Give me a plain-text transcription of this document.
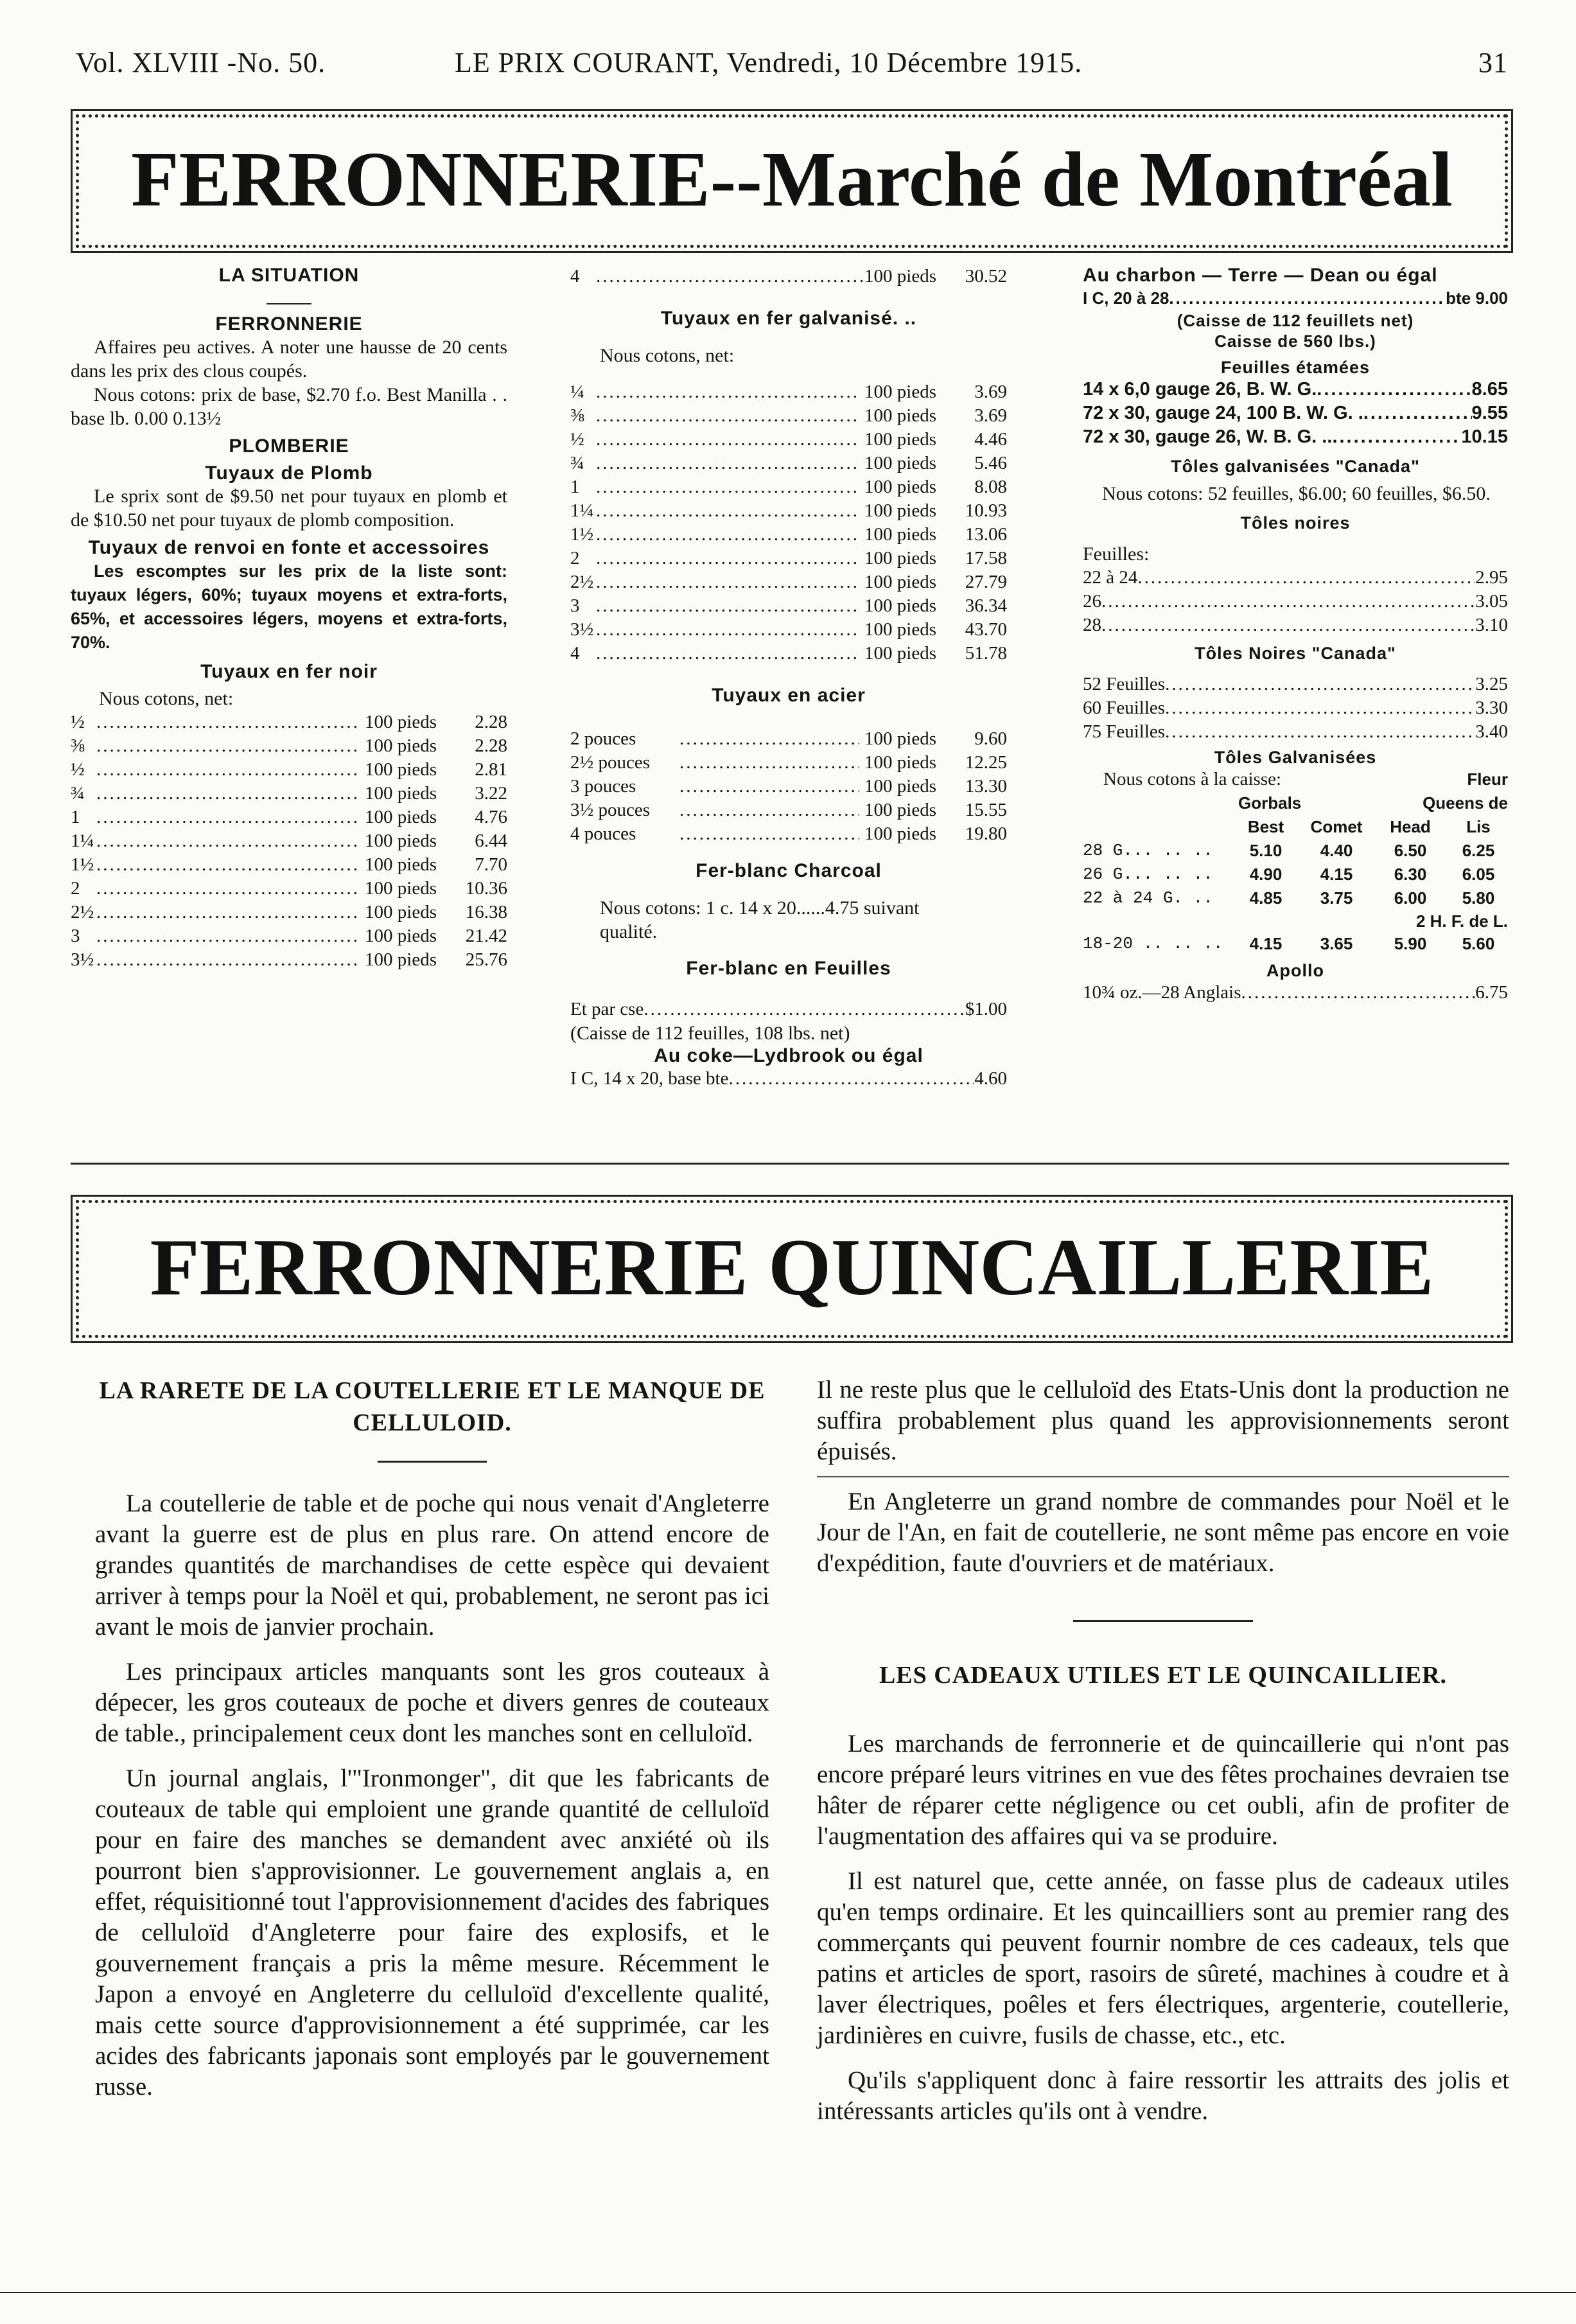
Vol. XLVIII -No. 50.	LE PRIX COURANT, Vendredi, 10 Décembre 1915.	31
FERRONNERIE--Marché de Montréal
LA SITUATION
FERRONNERIE

Affaires peu actives. A noter une hausse de 20 cents dans les prix des clous coupés.

Nous cotons: prix de base, $2.70 f.o. Best Manilla . . base lb. 0.00 0.13½

PLOMBERIE
Tuyaux de Plomb

Le sprix sont de $9.50 net pour tuyaux en plomb et de $10.50 net pour tuyaux de plomb composition.

Tuyaux de renvoi en fonte et accessoires

Les escomptes sur les prix de la liste sont: tuyaux légers, 60%; tuyaux moyens et extra-forts, 65%, et accessoires légers, moyens et extra-forts, 70%.

Tuyaux en fer noir

Nous cotons, net:

½ .....	100 pieds	2.28
⅜ .....	100 pieds	2.28
½ .....	100 pieds	2.81
¾ .....	100 pieds	3.22
1 .....	100 pieds	4.76
1¼ .....	100 pieds	6.44
1½ .....	100 pieds	7.70
2 .....	100 pieds	10.36
2½ .....	100 pieds	16.38
3 .....	100 pieds	21.42
3½ .....	100 pieds	25.76
4 .....	100 pieds	30.52
Tuyaux en fer galvanisé. ..

Nous cotons, net:

¼ .....	100 pieds	3.69
⅜ .....	100 pieds	3.69
½ .....	100 pieds	4.46
¾ .....	100 pieds	5.46
1 .....	100 pieds	8.08
1¼ .....	100 pieds	10.93
1½ .....	100 pieds	13.06
2 .....	100 pieds	17.58
2½ .....	100 pieds	27.79
3 .....	100 pieds	36.34
3½ .....	100 pieds	43.70
4 .....	100 pieds	51.78
Tuyaux en acier
2 pouces .....	100 pieds	9.60
2½ pouces .....	100 pieds	12.25
3 pouces .....	100 pieds	13.30
3½ pouces .....	100 pieds	15.55
4 pouces .....	100 pieds	19.80
Fer-blanc Charcoal

Nous cotons: 1 c. 14 x 20......4.75 suivant qualité.

Fer-blanc en Feuilles
Et par cse .....	$1.00

(Caisse de 112 feuilles, 108 lbs. net)

Au coke—Lydbrook ou égal
I C, 14 x 20, base bte .....	4.60
Au charbon — Terre — Dean ou égal
I C, 20 à 28 .....	bte 9.00
(Caisse de 112 feuillets net)
Caisse de 560 lbs.)
Feuilles étamées
14 x 6,0 gauge 26, B. W. G. .....	8.65
72 x 30, gauge 24, 100 B. W. G. . .....	9.55
72 x 30, gauge 26, W. B. G. .. .....	10.15
Tôles galvanisées "Canada"

Nous cotons: 52 feuilles, $6.00; 60 feuilles, $6.50.

Tôles noires

Feuilles:

22 à 24 .....	2.95
26 .....	3.05
28 .....	3.10
Tôles Noires "Canada"
52 Feuilles .....	3.25
60 Feuilles .....	3.30
75 Feuilles .....	3.40
Tôles Galvanisées
Nous cotons à la caisse:	Fleur
Gorbals	Queens de
Best	Comet	Head	Lis
28 G... .. ..	5.10	4.40	6.50	6.25
26 G... .. ..	4.90	4.15	6.30	6.05
22 à 24 G. ..	4.85	3.75	6.00	5.80
2 H. F. de L.
18-20 .. .. ..	4.15	3.65	5.90	5.60
Apollo
10¾ oz.—28 Anglais .....	6.75
FERRONNERIE QUINCAILLERIE
LA RARETE DE LA COUTELLERIE ET LE MANQUE DE CELLULOID.

La coutellerie de table et de poche qui nous venait d'Angleterre avant la guerre est de plus en plus rare. On attend encore de grandes quantités de marchandises de cette espèce qui devaient arriver à temps pour la Noël et qui, probablement, ne seront pas ici avant le mois de janvier prochain.

Les principaux articles manquants sont les gros couteaux à dépecer, les gros couteaux de poche et divers genres de couteaux de table., principalement ceux dont les manches sont en celluloïd.

Un journal anglais, l'"Ironmonger", dit que les fabricants de couteaux de table qui emploient une grande quantité de celluloïd pour en faire des manches se demandent avec anxiété où ils pourront bien s'approvisionner. Le gouvernement anglais a, en effet, réquisitionné tout l'approvisionnement d'acides des fabriques de celluloïd d'Angleterre pour faire des explosifs, et le gouvernement français a pris la même mesure. Récemment le Japon a envoyé en Angleterre du celluloïd d'excellente qualité, mais cette source d'approvisionnement a été supprimée, car les acides des fabricants japonais sont employés par le gouvernement russe.

Il ne reste plus que le celluloïd des Etats-Unis dont la production ne suffira probablement plus quand les approvisionnements seront épuisés.

En Angleterre un grand nombre de commandes pour Noël et le Jour de l'An, en fait de coutellerie, ne sont même pas encore en voie d'expédition, faute d'ouvriers et de matériaux.

LES CADEAUX UTILES ET LE QUINCAILLIER.

Les marchands de ferronnerie et de quincaillerie qui n'ont pas encore préparé leurs vitrines en vue des fêtes prochaines devraien tse hâter de réparer cette négligence ou cet oubli, afin de profiter de l'augmentation des affaires qui va se produire.

Il est naturel que, cette année, on fasse plus de cadeaux utiles qu'en temps ordinaire. Et les quincailliers sont au premier rang des commerçants qui peuvent fournir nombre de ces cadeaux, tels que patins et articles de sport, rasoirs de sûreté, machines à coudre et à laver électriques, poêles et fers électriques, argenterie, coutellerie, jardinières en cuivre, fusils de chasse, etc., etc.

Qu'ils s'appliquent donc à faire ressortir les attraits des jolis et intéressants articles qu'ils ont à vendre.
